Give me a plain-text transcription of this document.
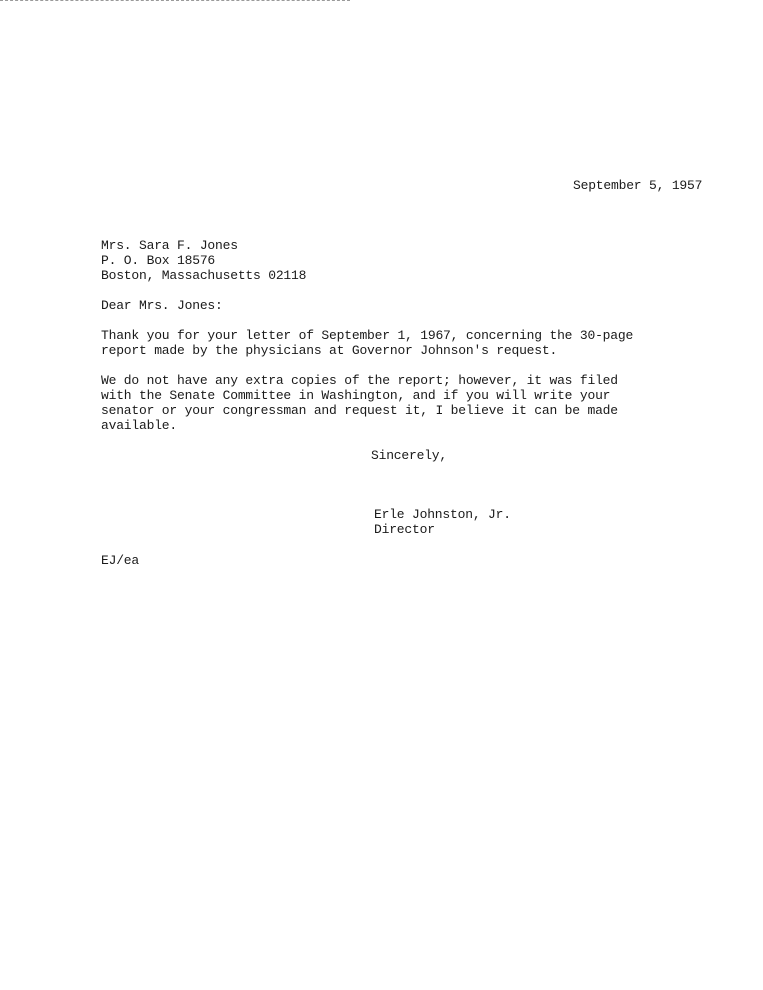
September 5, 1957
Mrs. Sara F. Jones
P. O. Box 18576
Boston, Massachusetts 02118
Dear Mrs. Jones:
Thank you for your letter of September 1, 1967, concerning the 30-page
report made by the physicians at Governor Johnson's request.
We do not have any extra copies of the report; however, it was filed
with the Senate Committee in Washington, and if you will write your
senator or your congressman and request it, I believe it can be made
available.
Sincerely,
Erle Johnston, Jr.
Director
EJ/ea
